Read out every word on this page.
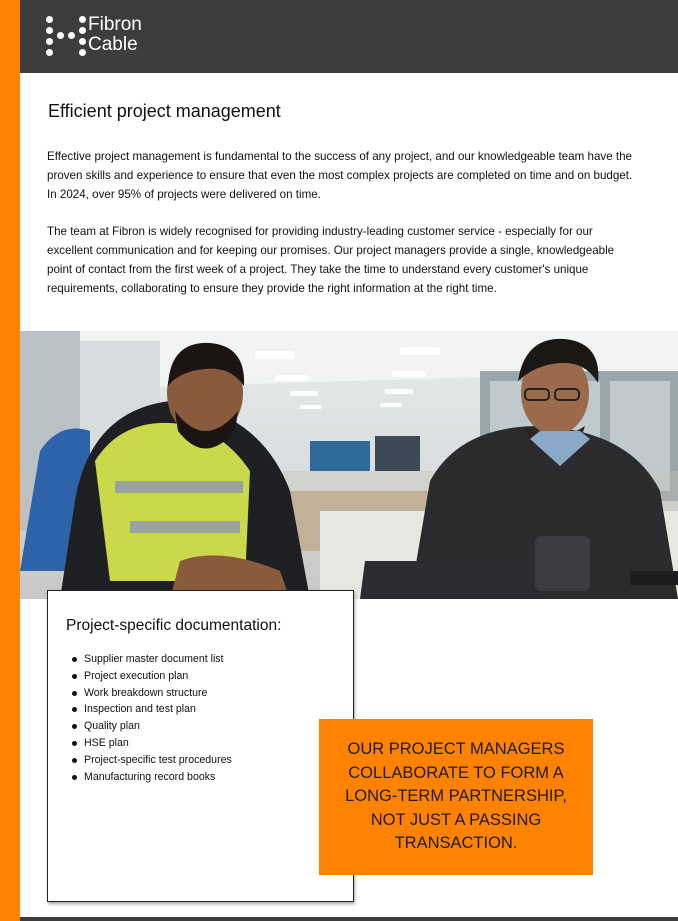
Fibron
Cable
Efficient project management

Effective project management is fundamental to the success of any project, and our knowledgeable team have the proven skills and experience to ensure that even the most complex projects are completed on time and on budget. In 2024, over 95% of projects were delivered on time.

The team at Fibron is widely recognised for providing industry-leading customer service - especially for our excellent communication and for keeping our promises. Our project managers provide a single, knowledgeable point of contact from the first week of a project. They take the time to understand every customer's unique requirements, collaborating to ensure they provide the right information at the right time.

Project-specific documentation:
Supplier master document list
Project execution plan
Work breakdown structure
Inspection and test plan
Quality plan
HSE plan
Project-specific test procedures
Manufacturing record books

OUR PROJECT MANAGERS COLLABORATE TO FORM A LONG-TERM PARTNERSHIP, NOT JUST A PASSING TRANSACTION.
